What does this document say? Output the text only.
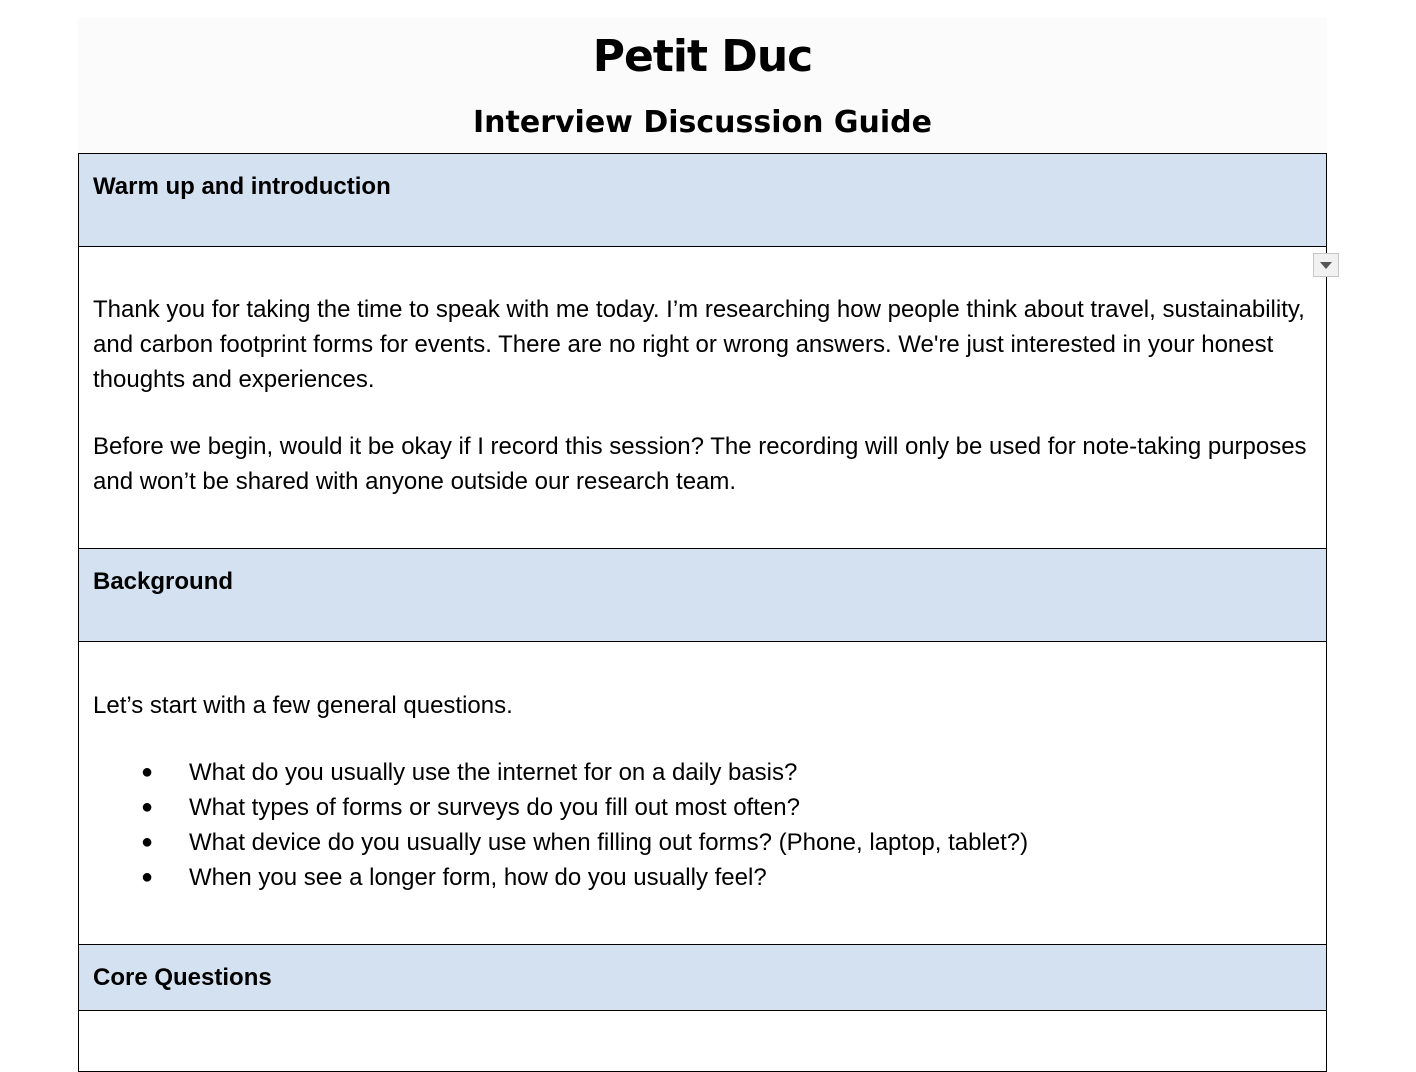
Petit Duc
Interview Discussion Guide
Warm up and introduction

Thank you for taking the time to speak with me today. I’m researching how people think about travel, sustainability, and carbon footprint forms for events. There are no right or wrong answers. We're just interested in your honest thoughts and experiences.

Before we begin, would it be okay if I record this session? The recording will only be used for note-taking purposes and won’t be shared with anyone outside our research team.

Background

Let’s start with a few general questions.

● What do you usually use the internet for on a daily basis?
● What types of forms or surveys do you fill out most often?
● What device do you usually use when filling out forms? (Phone, laptop, tablet?)
● When you see a longer form, how do you usually feel?

Core Questions
